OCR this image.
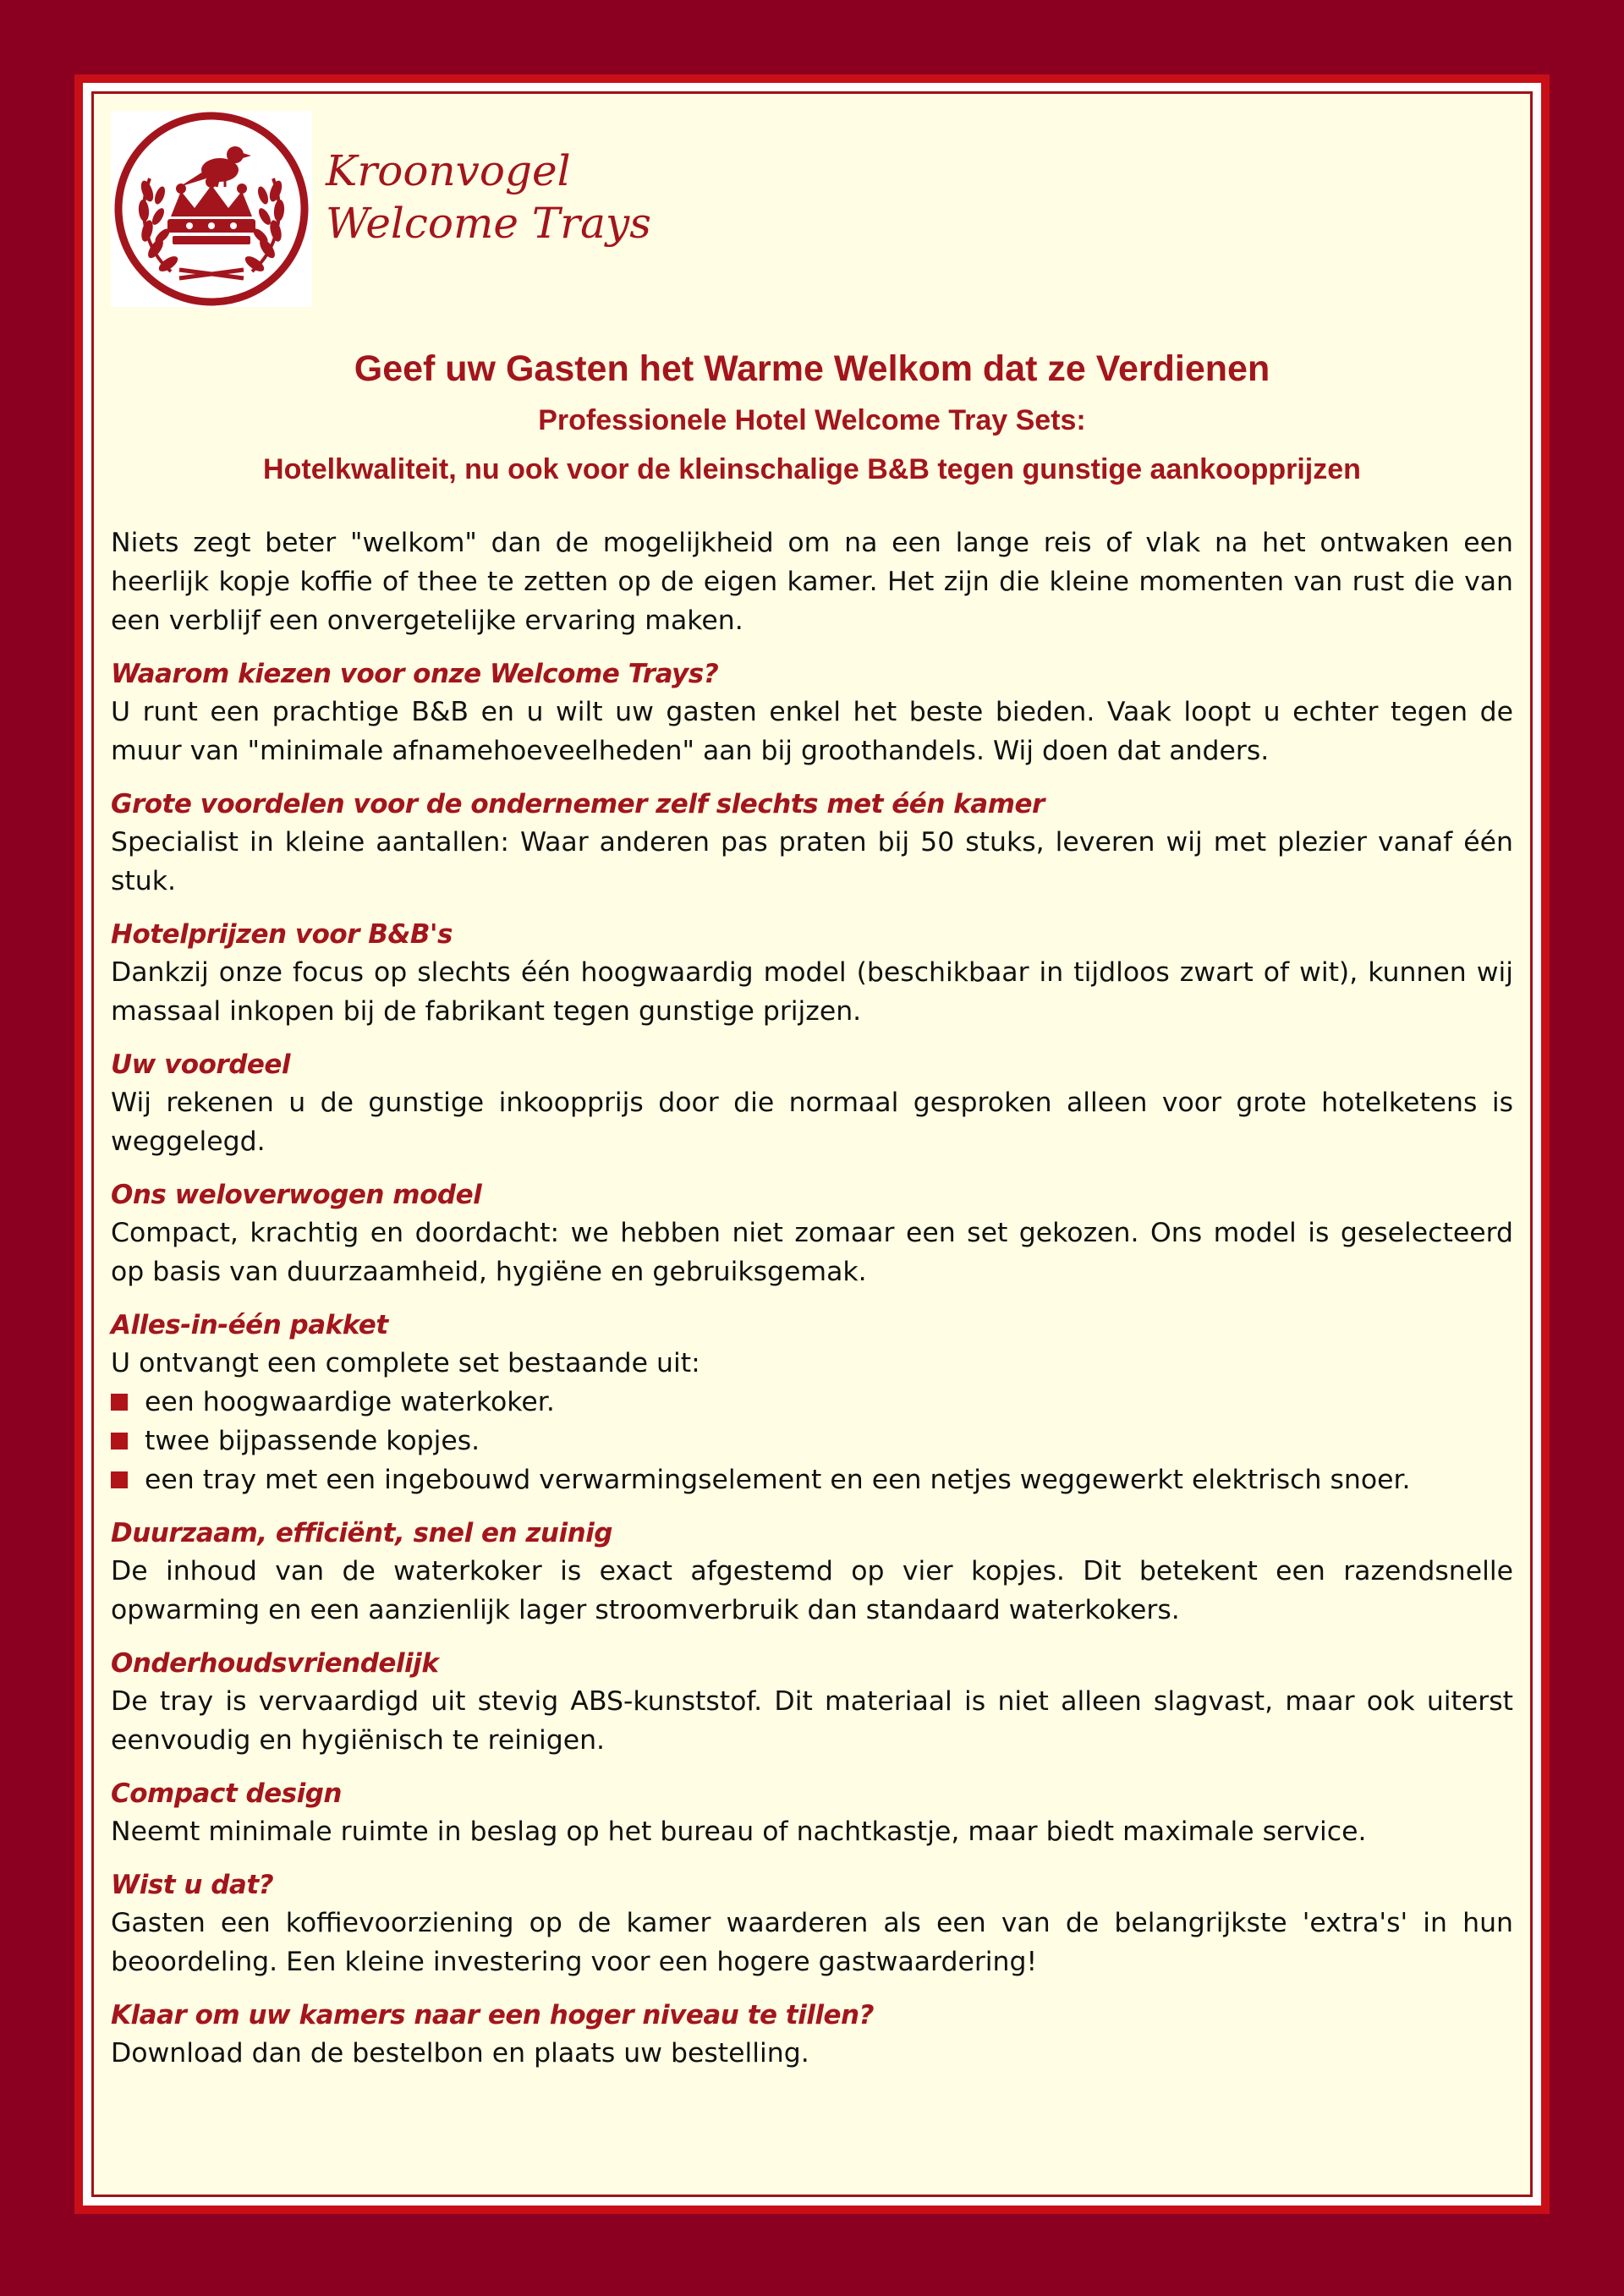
Kroonvogel
Welcome Trays
Geef uw Gasten het Warme Welkom dat ze Verdienen
Professionele Hotel Welcome Tray Sets:
Hotelkwaliteit, nu ook voor de kleinschalige B&B tegen gunstige aankoopprijzen

Niets zegt beter "welkom" dan de mogelijkheid om na een lange reis of vlak na het ontwaken een heerlijk kopje koffie of thee te zetten op de eigen kamer. Het zijn die kleine momenten van rust die van een verblijf een onvergetelijke ervaring maken.

Waarom kiezen voor onze Welcome Trays?

U runt een prachtige B&B en u wilt uw gasten enkel het beste bieden. Vaak loopt u echter tegen de muur van "minimale afnamehoeveelheden" aan bij groothandels. Wij doen dat anders.

Grote voordelen voor de ondernemer zelf slechts met één kamer

Specialist in kleine aantallen: Waar anderen pas praten bij 50 stuks, leveren wij met plezier vanaf één stuk.

Hotelprijzen voor B&B's

Dankzij onze focus op slechts één hoogwaardig model (beschikbaar in tijdloos zwart of wit), kunnen wij massaal inkopen bij de fabrikant tegen gunstige prijzen.

Uw voordeel

Wij rekenen u de gunstige inkoopprijs door die normaal gesproken alleen voor grote hotelketens is weggelegd.

Ons weloverwogen model

Compact, krachtig en doordacht: we hebben niet zomaar een set gekozen. Ons model is geselecteerd op basis van duurzaamheid, hygiëne en gebruiksgemak.

Alles-in-één pakket

U ontvangt een complete set bestaande uit:

een hoogwaardige waterkoker.
twee bijpassende kopjes.
een tray met een ingebouwd verwarmingselement en een netjes weggewerkt elektrisch snoer.
Duurzaam, efficiënt, snel en zuinig

De inhoud van de waterkoker is exact afgestemd op vier kopjes. Dit betekent een razendsnelle opwarming en een aanzienlijk lager stroomverbruik dan standaard waterkokers.

Onderhoudsvriendelijk

De tray is vervaardigd uit stevig ABS-kunststof. Dit materiaal is niet alleen slagvast, maar ook uiterst eenvoudig en hygiënisch te reinigen.

Compact design

Neemt minimale ruimte in beslag op het bureau of nachtkastje, maar biedt maximale service.

Wist u dat?

Gasten een koffievoorziening op de kamer waarderen als een van de belangrijkste 'extra's' in hun beoordeling. Een kleine investering voor een hogere gastwaardering!

Klaar om uw kamers naar een hoger niveau te tillen?

Download dan de bestelbon en plaats uw bestelling.
